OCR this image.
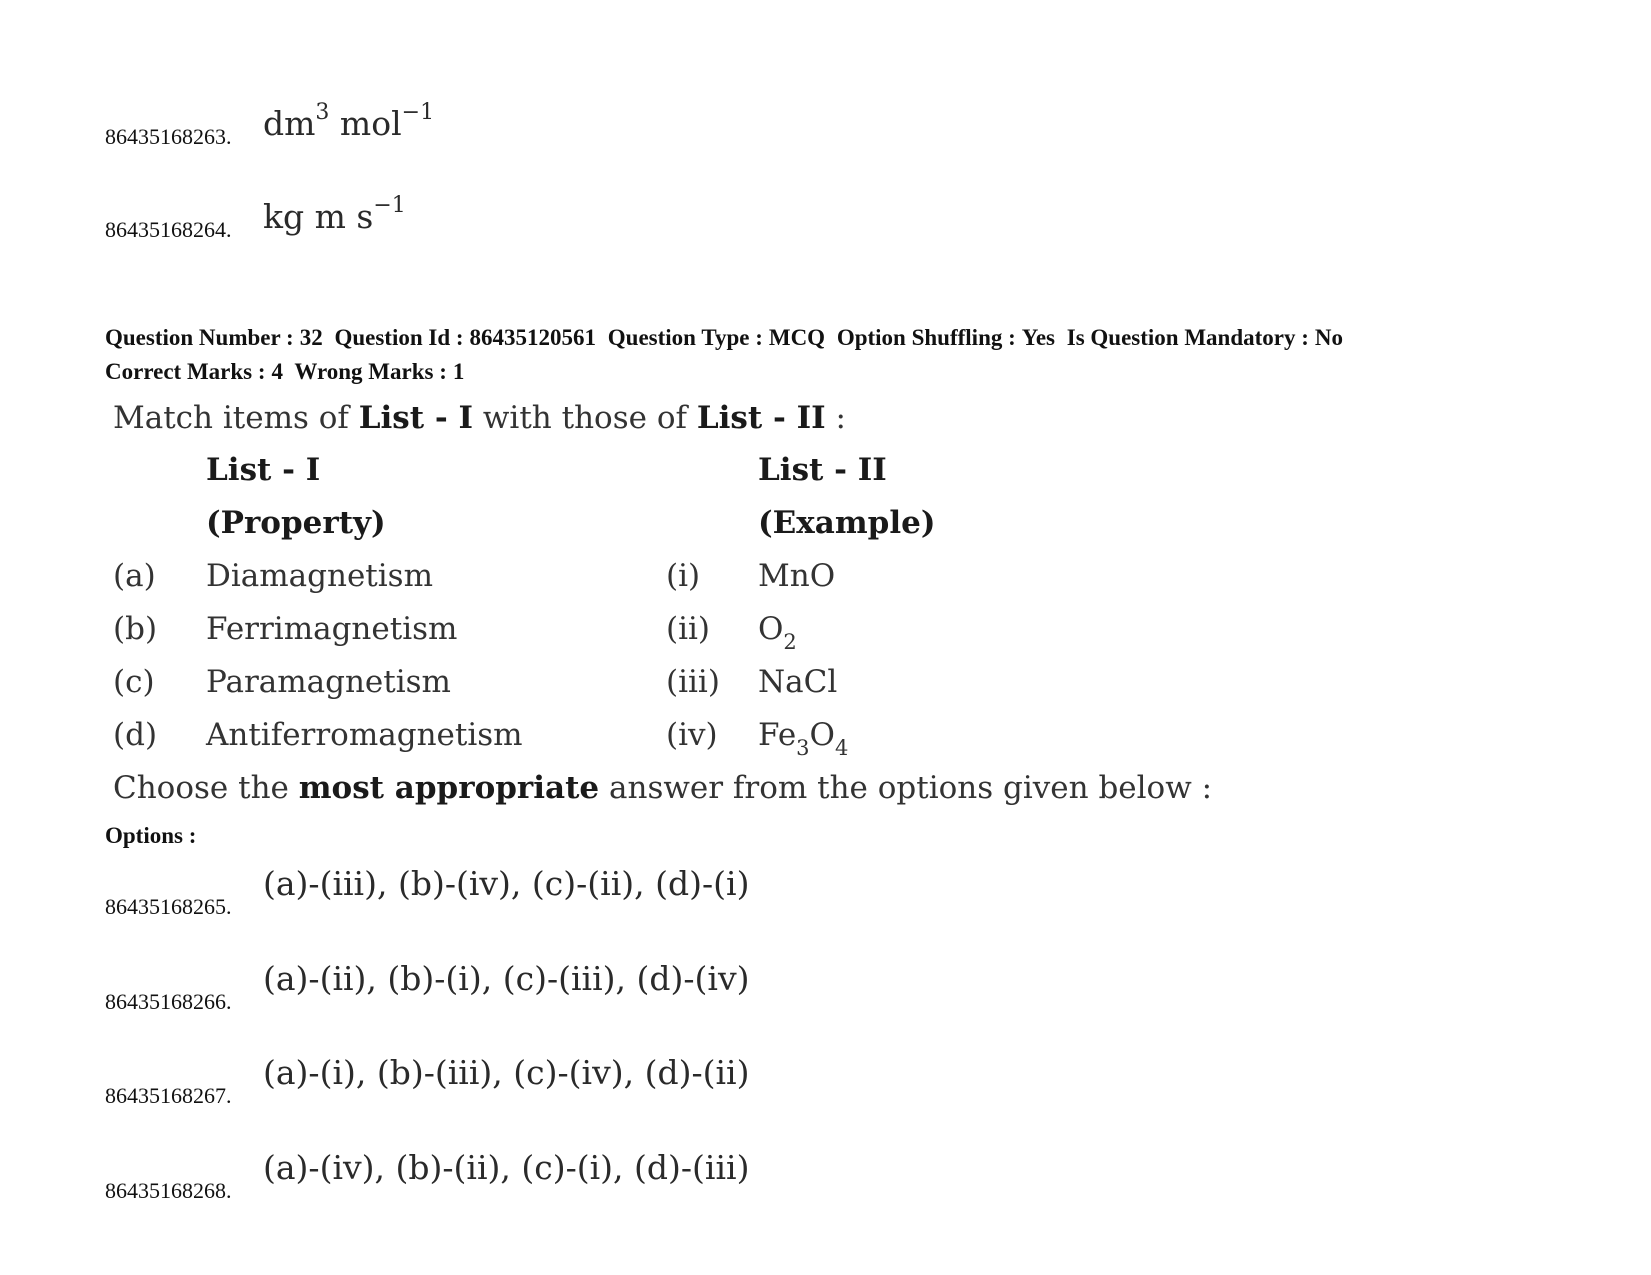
86435168263. $dm^3$ mol$^{-1}$
86435168264. kg m $s^{-1}$
Question Number : 32 Question Id : 86435120561 Question Type : MCQ Option Shuffling : Yes Is Question Mandatory : No
Correct Marks : 4 Wrong Marks : 1
Match items of List - I with those of List - II :
List - I	List - II
(Property)	(Example)
(a) Diamagnetism	(i) MnO
(b) Ferrimagnetism	(ii) $O_2$
(c) Paramagnetism	(iii) NaCl
(d) Antiferromagnetism	(iv) $Fe_3O_4$
Choose the most appropriate answer from the options given below :
Options :
86435168265.
(a)-(iii), (b)-(iv), (c)-(ii), (d)-(i)
86435168266.
(a)-(ii), (b)-(i), (c)-(iii), (d)-(iv)
86435168267.
(a)-(i), (b)-(iii), (c)-(iv), (d)-(ii)
86435168268.
(a)-(iv), (b)-(ii), (c)-(i), (d)-(iii)
